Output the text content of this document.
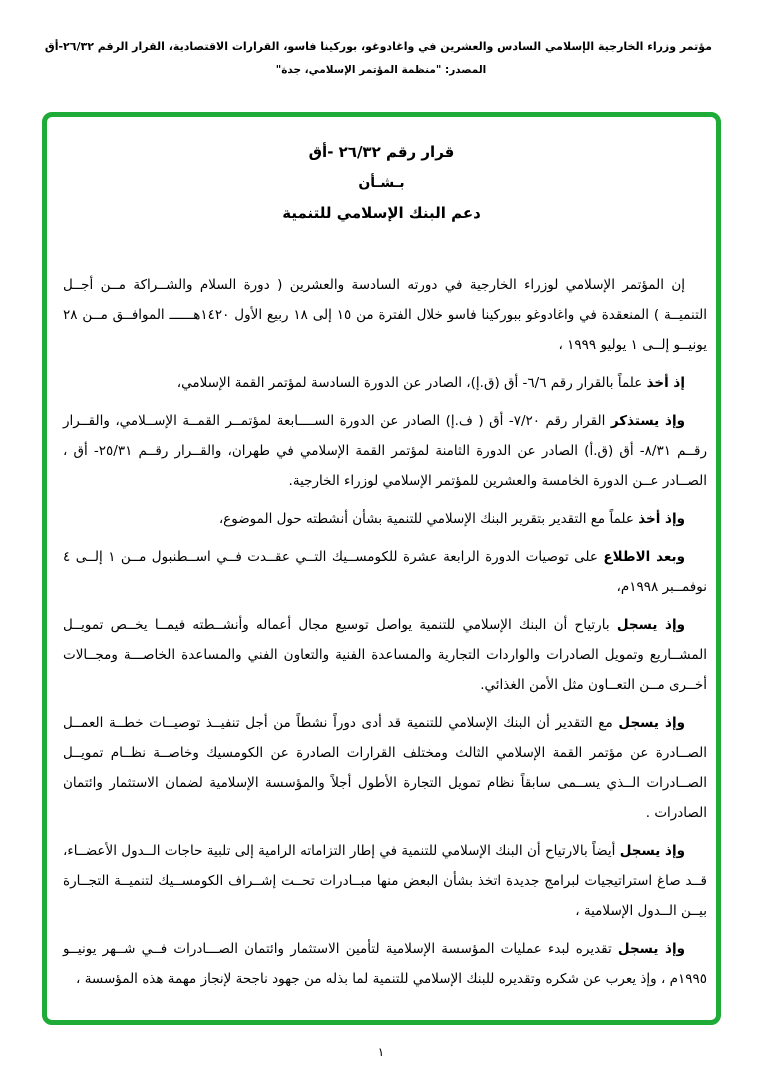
مؤتمر وزراء الخارجية الإسلامي السادس والعشرين في واغادوغو، بوركينا فاسو، القرارات الاقتصادية، القرار الرقم ٢٦/٣٢-أق
المصدر: "منظمة المؤتمر الإسلامي، جدة"
قرار رقم ٢٦/٣٢ -أق
بـشـأن
دعم البنك الإسلامي للتنمية

إن المؤتمر الإسلامي لوزراء الخارجية في دورته السادسة والعشرين ( دورة السلام والشــراكة مــن أجــل التنميــة ) المنعقدة في واغادوغو ببوركينا فاسو خلال الفترة من ١٥ إلى ١٨ ربيع الأول ١٤٢٠هــــــ الموافــق مــن ٢٨ يونيــو إلــى ١ يوليو ١٩٩٩ ،

إذ أخذ علماً بالقرار رقم ٦/٦- أق (ق.إ)، الصادر عن الدورة السادسة لمؤتمر القمة الإسلامي،

وإذ يستذكر القرار رقم ٧/٢٠- أق ( ف.إ) الصادر عن الدورة الســــابعة لمؤتمــر القمــة الإســلامي، والقــرار رقــم ٨/٣١- أق (ق.أ) الصادر عن الدورة الثامنة لمؤتمر القمة الإسلامي في طهران، والقــرار رقــم ٢٥/٣١- أق ، الصــادر عــن الدورة الخامسة والعشرين للمؤتمر الإسلامي لوزراء الخارجية.

وإذ أخذ علماً مع التقدير بتقرير البنك الإسلامي للتنمية بشأن أنشطته حول الموضوع،

وبعد الاطلاع على توصيات الدورة الرابعة عشرة للكومســيك التــي عقــدت فــي اســطنبول مــن ١ إلــى ٤ نوفمــبر ١٩٩٨م،

وإذ يسجل بارتياح أن البنك الإسلامي للتنمية يواصل توسيع مجال أعماله وأنشــطته فيمــا يخــص تمويــل المشــاريع وتمويل الصادرات والواردات التجارية والمساعدة الفنية والتعاون الفني والمساعدة الخاصـــة ومجــالات أخــرى مــن التعــاون مثل الأمن الغذائي.

وإذ يسجل مع التقدير أن البنك الإسلامي للتنمية قد أدى دوراً نشطاً من أجل تنفيــذ توصيــات خطــة العمــل الصــادرة عن مؤتمر القمة الإسلامي الثالث ومختلف القرارات الصادرة عن الكومسيك وخاصــة نظــام تمويــل الصــادرات الــذي يســمى سابقاً نظام تمويل التجارة الأطول أجلاً والمؤسسة الإسلامية لضمان الاستثمار وائتمان الصادرات .

وإذ يسجل أيضاً بالارتياح أن البنك الإسلامي للتنمية في إطار التزاماته الرامية إلى تلبية حاجات الــدول الأعضــاء، قــد صاغ استراتيجيات لبرامج جديدة اتخذ بشأن البعض منها مبــادرات تحــت إشــراف الكومســيك لتنميــة التجــارة بيــن الــدول الإسلامية ،

وإذ يسجل تقديره لبدء عمليات المؤسسة الإسلامية لتأمين الاستثمار وائتمان الصـــادرات فــي شــهر يونيــو ١٩٩٥م ، وإذ يعرب عن شكره وتقديره للبنك الإسلامي للتنمية لما بذله من جهود ناجحة لإنجاز مهمة هذه المؤسسة ،

١
